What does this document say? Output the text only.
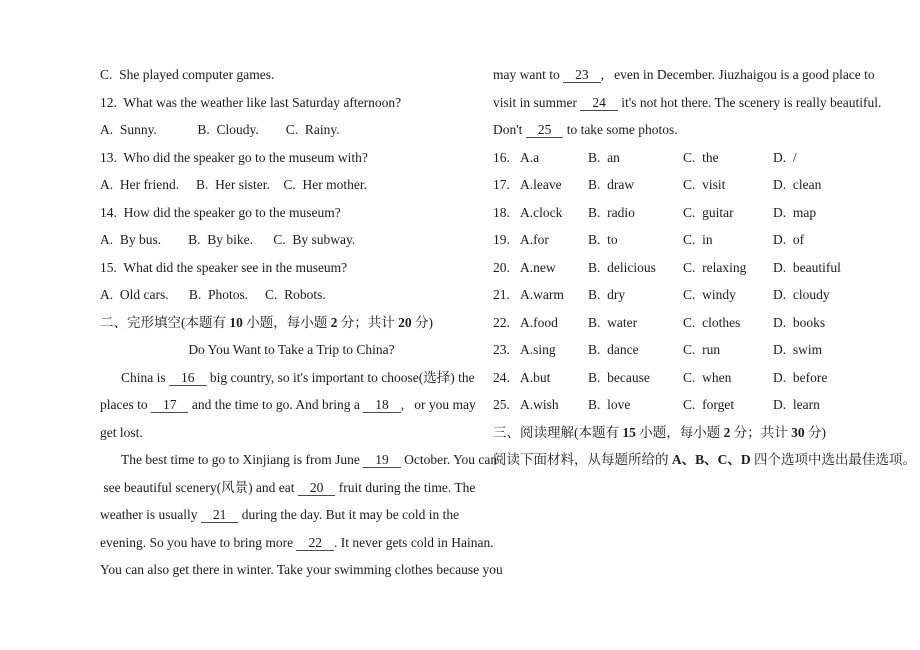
C.  She played computer games.
12.  What was the weather like last Saturday afternoon?
A.  Sunny.            B.  Cloudy.        C.  Rainy.
13.  Who did the speaker go to the museum with?
A.  Her friend.     B.  Her sister.    C.  Her mother.
14.  How did the speaker go to the museum?
A.  By bus.        B.  By bike.      C.  By subway.
15.  What did the speaker see in the museum?
A.  Old cars.      B.  Photos.     C.  Robots.
二、完形填空(本题有 10 小题，每小题 2 分；共计 20 分)
Do You Want to Take a Trip to China?
China is 16 big country, so it's important to choose(选择) the
places to 17 and the time to go. And bring a 18 ,   or you may
get lost.
The best time to go to Xinjiang is from June 19 October. You can
see beautiful scenery(风景) and eat 20 fruit during the time. The
weather is usually 21 during the day. But it may be cold in the
evening. So you have to bring more 22 . It never gets cold in Hainan.
You can also get there in winter. Take your swimming clothes because you
may want to 23 ,   even in December. Jiuzhaigou is a good place to
visit in summer 24 it's not hot there. The scenery is really beautiful.
Don't 25 to take some photos.
16. A.a	B.  an	C.  the	D.  /
17. A.leave	B.  draw	C.  visit	D.  clean
18. A.clock	B.  radio	C.  guitar	D.  map
19. A.for	B.  to	C.  in	D.  of
20. A.new	B.  delicious	C.  relaxing	D.  beautiful
21. A.warm	B.  dry	C.  windy	D.  cloudy
22. A.food	B.  water	C.  clothes	D.  books
23. A.sing	B.  dance	C.  run	D.  swim
24. A.but	B.  because	C.  when	D.  before
25. A.wish	B.  love	C.  forget	D.  learn
三、阅读理解(本题有 15 小题，每小题 2 分；共计 30 分)
阅读下面材料，从每题所给的 A、B、C、D 四个选项中选出最佳选项。
